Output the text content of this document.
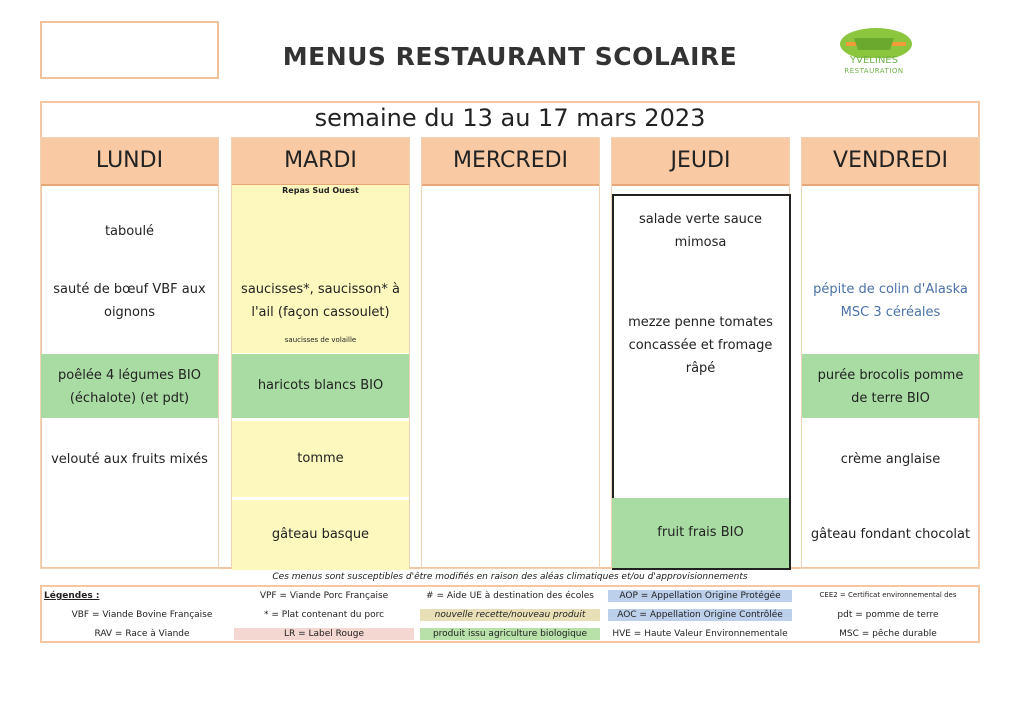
MENUS RESTAURANT SCOLAIRE	YVELINES
RESTAURATION
semaine du 13 au 17 mars 2023
LUNDI
taboulé
sauté de bœuf VBF aux oignons
poêlée 4 légumes BIO (échalote) (et pdt)
velouté aux fruits mixés
MARDI
Repas Sud Ouest
saucisses*, saucisson* à l'ail (façon cassoulet)
saucisses de volaille
haricots blancs BIO
tomme
gâteau basque
MERCREDI	JEUDI
salade verte sauce mimosa
mezze penne tomates concassée et fromage râpé
fruit frais BIO
VENDREDI
pépite de colin d'Alaska MSC 3 céréales
purée brocolis pomme de terre BIO
crème anglaise
gâteau fondant chocolat
Ces menus sont susceptibles d'être modifiés en raison des aléas climatiques et/ou d'approvisionnements
Légendes :
VBF = Viande Bovine Française
RAV = Race à Viande
VPF = Viande Porc Française
* = Plat contenant du porc
LR = Label Rouge
# = Aide UE à destination des écoles
nouvelle recette/nouveau produit
produit issu agriculture biologique
AOP = Appellation Origine Protégée
AOC = Appellation Origine Contrôlée
HVE = Haute Valeur Environnementale
CEE2 = Certificat environnemental des
pdt = pomme de terre
MSC = pêche durable
